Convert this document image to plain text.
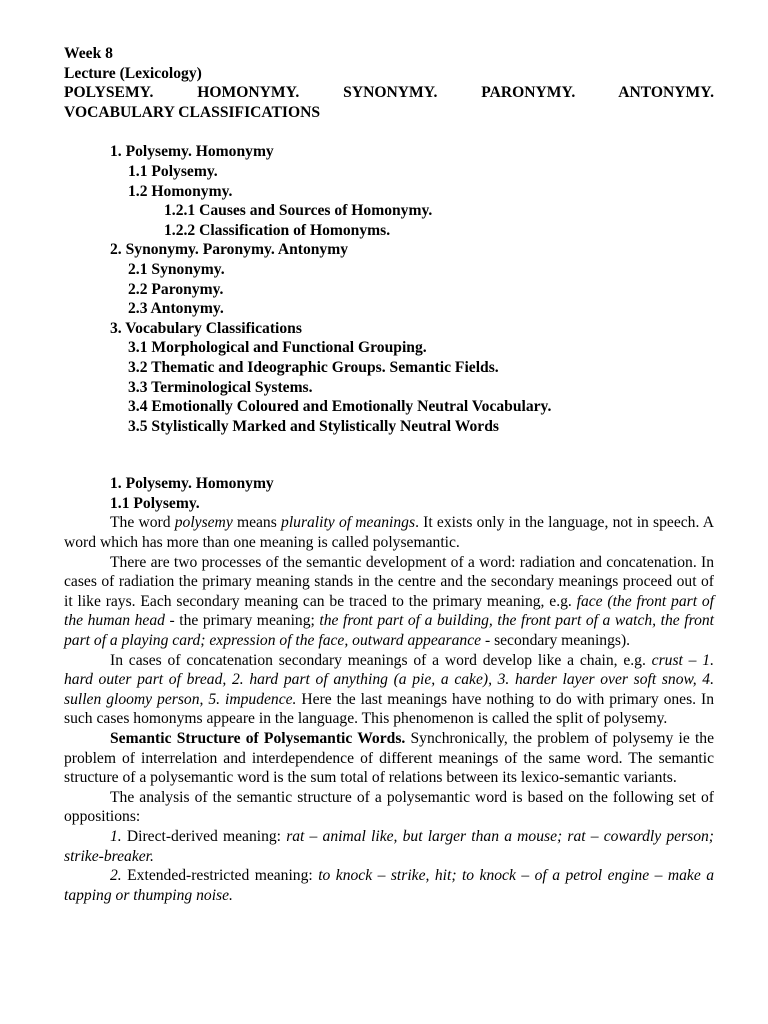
Week 8

Lecture (Lexicology)

POLYSEMY.	HOMONYMY.	SYNONYMY.	PARONYMY.	ANTONYMY.

VOCABULARY CLASSIFICATIONS

1. Polysemy. Homonymy

1.1 Polysemy.

1.2 Homonymy.

1.2.1 Causes and Sources of Homonymy.

1.2.2 Classification of Homonyms.

2. Synonymy. Paronymy. Antonymy

2.1 Synonymy.

2.2 Paronymy.

2.3 Antonymy.

3. Vocabulary Classifications

3.1 Morphological and Functional Grouping.

3.2 Thematic and Ideographic Groups. Semantic Fields.

3.3 Terminological Systems.

3.4 Emotionally Coloured and Emotionally Neutral Vocabulary.

3.5 Stylistically Marked and Stylistically Neutral Words

1. Polysemy. Homonymy

1.1 Polysemy.

The word polysemy means plurality of meanings. It exists only in the language, not in speech. A word which has more than one meaning is called polysemantic.

There are two processes of the semantic development of a word: radiation and concatenation. In cases of radiation the primary meaning stands in the centre and the secondary meanings proceed out of it like rays. Each secondary meaning can be traced to the primary meaning, e.g. face (the front part of the human head - the primary meaning; the front part of a building, the front part of a watch, the front part of a playing card; expression of the face, outward appearance - secondary meanings).

In cases of concatenation secondary meanings of a word develop like a chain, e.g. crust – 1. hard outer part of bread, 2. hard part of anything (a pie, a cake), 3. harder layer over soft snow, 4. sullen gloomy person, 5. impudence. Here the last meanings have nothing to do with primary ones. In such cases homonyms appeare in the language. This phenomenon is called the split of polysemy.

Semantic Structure of Polysemantic Words. Synchronically, the problem of polysemy ie the problem of interrelation and interdependence of different meanings of the same word. The semantic structure of a polysemantic word is the sum total of relations between its lexico-semantic variants.

The analysis of the semantic structure of a polysemantic word is based on the following set of oppositions:

1. Direct-derived meaning: rat – animal like, but larger than a mouse; rat – cowardly person; strike-breaker.

2. Extended-restricted meaning: to knock – strike, hit; to knock – of a petrol engine – make a tapping or thumping noise.
